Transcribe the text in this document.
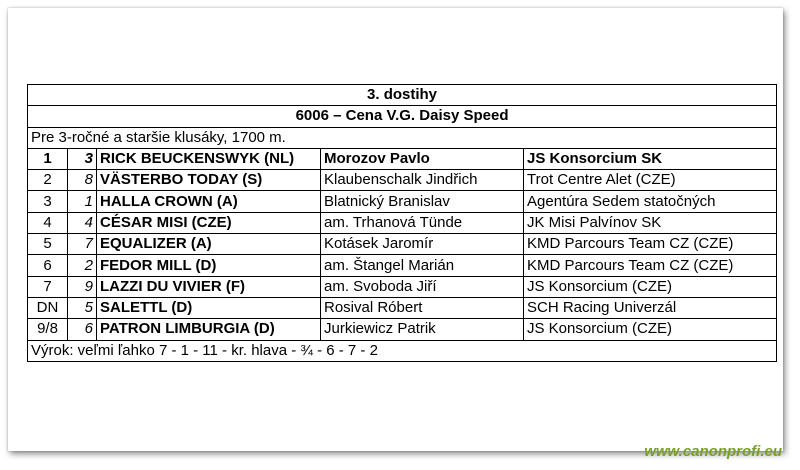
3. dostihy				
6006 – Cena V.G. Daisy Speed				
Pre 3-ročné a staršie klusáky, 1700 m.				
1	3	RICK BEUCKENSWYK (NL)	Morozov Pavlo	JS Konsorcium SK
2	8	VÄSTERBO TODAY (S)	Klaubenschalk Jindřich	Trot Centre Alet (CZE)
3	1	HALLA CROWN (A)	Blatnický Branislav	Agentúra Sedem statočných
4	4	CÉSAR MISI (CZE)	am. Trhanová Tünde	JK Misi Palvínov SK
5	7	EQUALIZER (A)	Kotásek Jaromír	KMD Parcours Team CZ (CZE)
6	2	FEDOR MILL (D)	am. Štangel Marián	KMD Parcours Team CZ (CZE)
7	9	LAZZI DU VIVIER (F)	am. Svoboda Jiří	JS Konsorcium (CZE)
DN	5	SALETTL (D)	Rosival Róbert	SCH Racing Univerzál
9/8	6	PATRON LIMBURGIA (D)	Jurkiewicz Patrik	JS Konsorcium (CZE)
Výrok: veľmi ľahko 7 - 1 - 11 - kr. hlava - ¾ - 6 - 7 - 2				
www.canonprofi.eu
